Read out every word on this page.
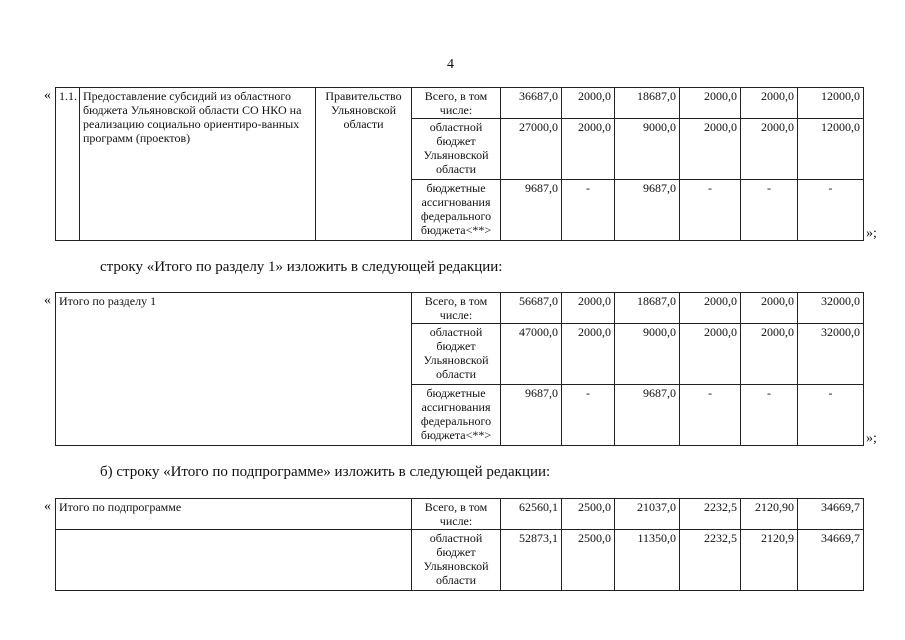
4
« 1.1.	Предоставление субсидий из областного бюджета Ульяновской области СО НКО на реализацию социально ориентиро-ванных программ (проектов)	Правительство Ульяновской области	Всего, в том числе:	36687,0	2000,0	18687,0	2000,0	2000,0	12000,0
			областной бюджет Ульяновской области	27000,0	2000,0	9000,0	2000,0	2000,0	12000,0
			бюджетные ассигнования федерального бюджета<**>	9687,0	-	9687,0	-	-	-
»;
строку «Итого по разделу 1» изложить в следующей редакции:
« Итого по разделу 1	Всего, в том числе:	56687,0	2000,0	18687,0	2000,0	2000,0	32000,0
	областной бюджет Ульяновской области	47000,0	2000,0	9000,0	2000,0	2000,0	32000,0
	бюджетные ассигнования федерального бюджета<**>	9687,0	-	9687,0	-	-	-
»;
б) строку «Итого по подпрограмме» изложить в следующей редакции:
« Итого по подпрограмме	Всего, в том числе:	62560,1	2500,0	21037,0	2232,5	2120,90	34669,7
	областной бюджет Ульяновской области	52873,1	2500,0	11350,0	2232,5	2120,9	34669,7
